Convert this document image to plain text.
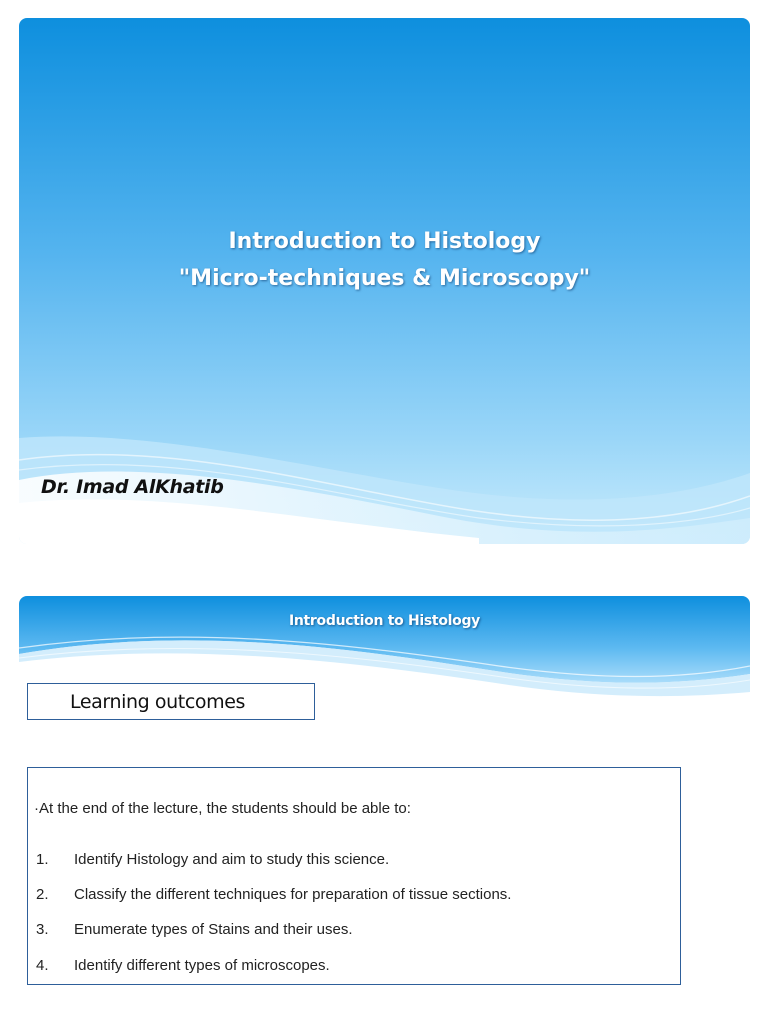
Introduction to Histology
"Micro-techniques & Microscopy"
Dr. Imad AlKhatib
Introduction to Histology
Learning outcomes
·At the end of the lecture, the students should be able to:
1. Identify Histology and aim to study this science.
2. Classify the different techniques for preparation of tissue sections.
3. Enumerate types of Stains and their uses.
4. Identify different types of microscopes.
